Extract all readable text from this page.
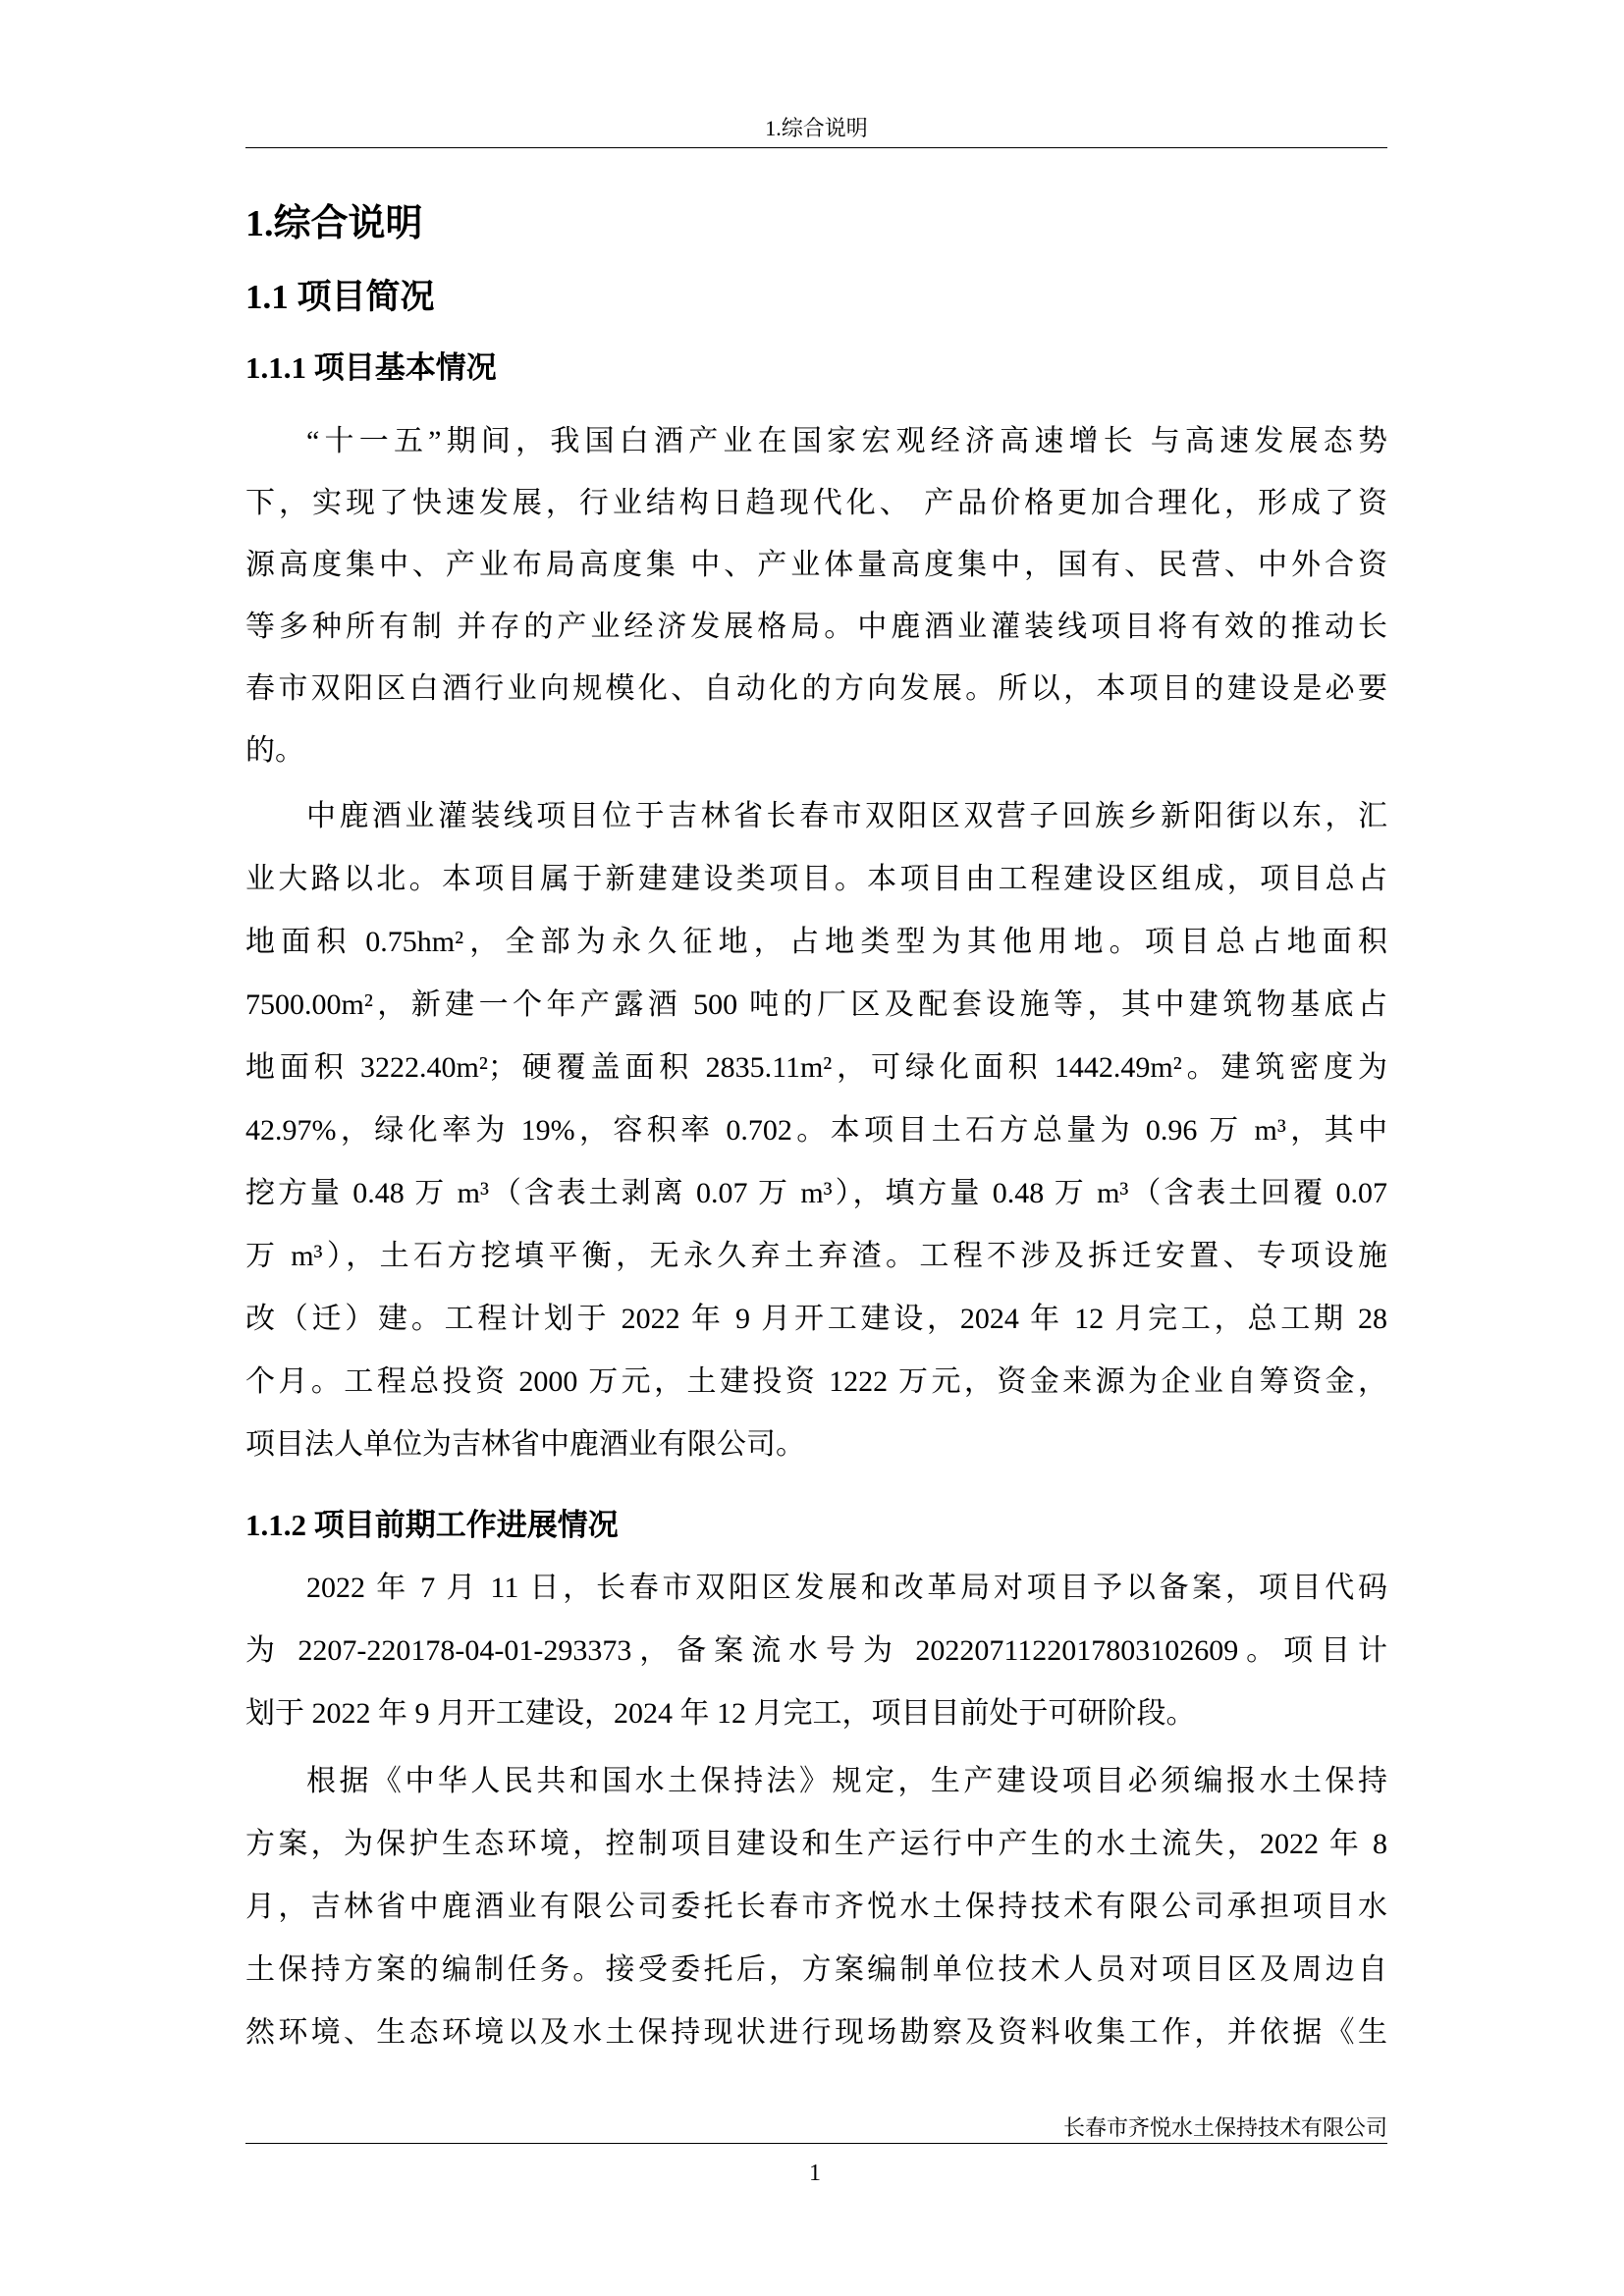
1.综合说明
1.综合说明
1.1 项目简况
1.1.1 项目基本情况
“十一五”期间，我国白酒产业在国家宏观经济高速增长 与高速发展态势
下，实现了快速发展，行业结构日趋现代化、 产品价格更加合理化，形成了资
源高度集中、产业布局高度集 中、产业体量高度集中，国有、民营、中外合资
等多种所有制 并存的产业经济发展格局。中鹿酒业灌装线项目将有效的推动长
春市双阳区白酒行业向规模化、自动化的方向发展。所以，本项目的建设是必要
的。
中鹿酒业灌装线项目位于吉林省长春市双阳区双营子回族乡新阳街以东，汇
业大路以北。本项目属于新建建设类项目。本项目由工程建设区组成，项目总占
地面积 0.75hm²，全部为永久征地，占地类型为其他用地。项目总占地面积
7500.00m²，新建一个年产露酒 500 吨的厂区及配套设施等，其中建筑物基底占
地面积 3222.40m²；硬覆盖面积 2835.11m²，可绿化面积 1442.49m²。建筑密度为
42.97%，绿化率为 19%，容积率 0.702。本项目土石方总量为 0.96 万 m³，其中
挖方量 0.48 万 m³（含表土剥离 0.07 万 m³），填方量 0.48 万 m³（含表土回覆 0.07
万 m³），土石方挖填平衡，无永久弃土弃渣。工程不涉及拆迁安置、专项设施
改（迁）建。工程计划于 2022 年 9 月开工建设，2024 年 12 月完工，总工期 28
个月。工程总投资 2000 万元，土建投资 1222 万元，资金来源为企业自筹资金，
项目法人单位为吉林省中鹿酒业有限公司。
1.1.2 项目前期工作进展情况
2022 年 7 月 11 日，长春市双阳区发展和改革局对项目予以备案，项目代码
为 2207-220178-04-01-293373，备案流水号为 2022071122017803102609。项目计
划于 2022 年 9 月开工建设，2024 年 12 月完工，项目目前处于可研阶段。
根据《中华人民共和国水土保持法》规定，生产建设项目必须编报水土保持
方案，为保护生态环境，控制项目建设和生产运行中产生的水土流失，2022 年 8
月，吉林省中鹿酒业有限公司委托长春市齐悦水土保持技术有限公司承担项目水
土保持方案的编制任务。接受委托后，方案编制单位技术人员对项目区及周边自
然环境、生态环境以及水土保持现状进行现场勘察及资料收集工作，并依据《生
长春市齐悦水土保持技术有限公司
1
